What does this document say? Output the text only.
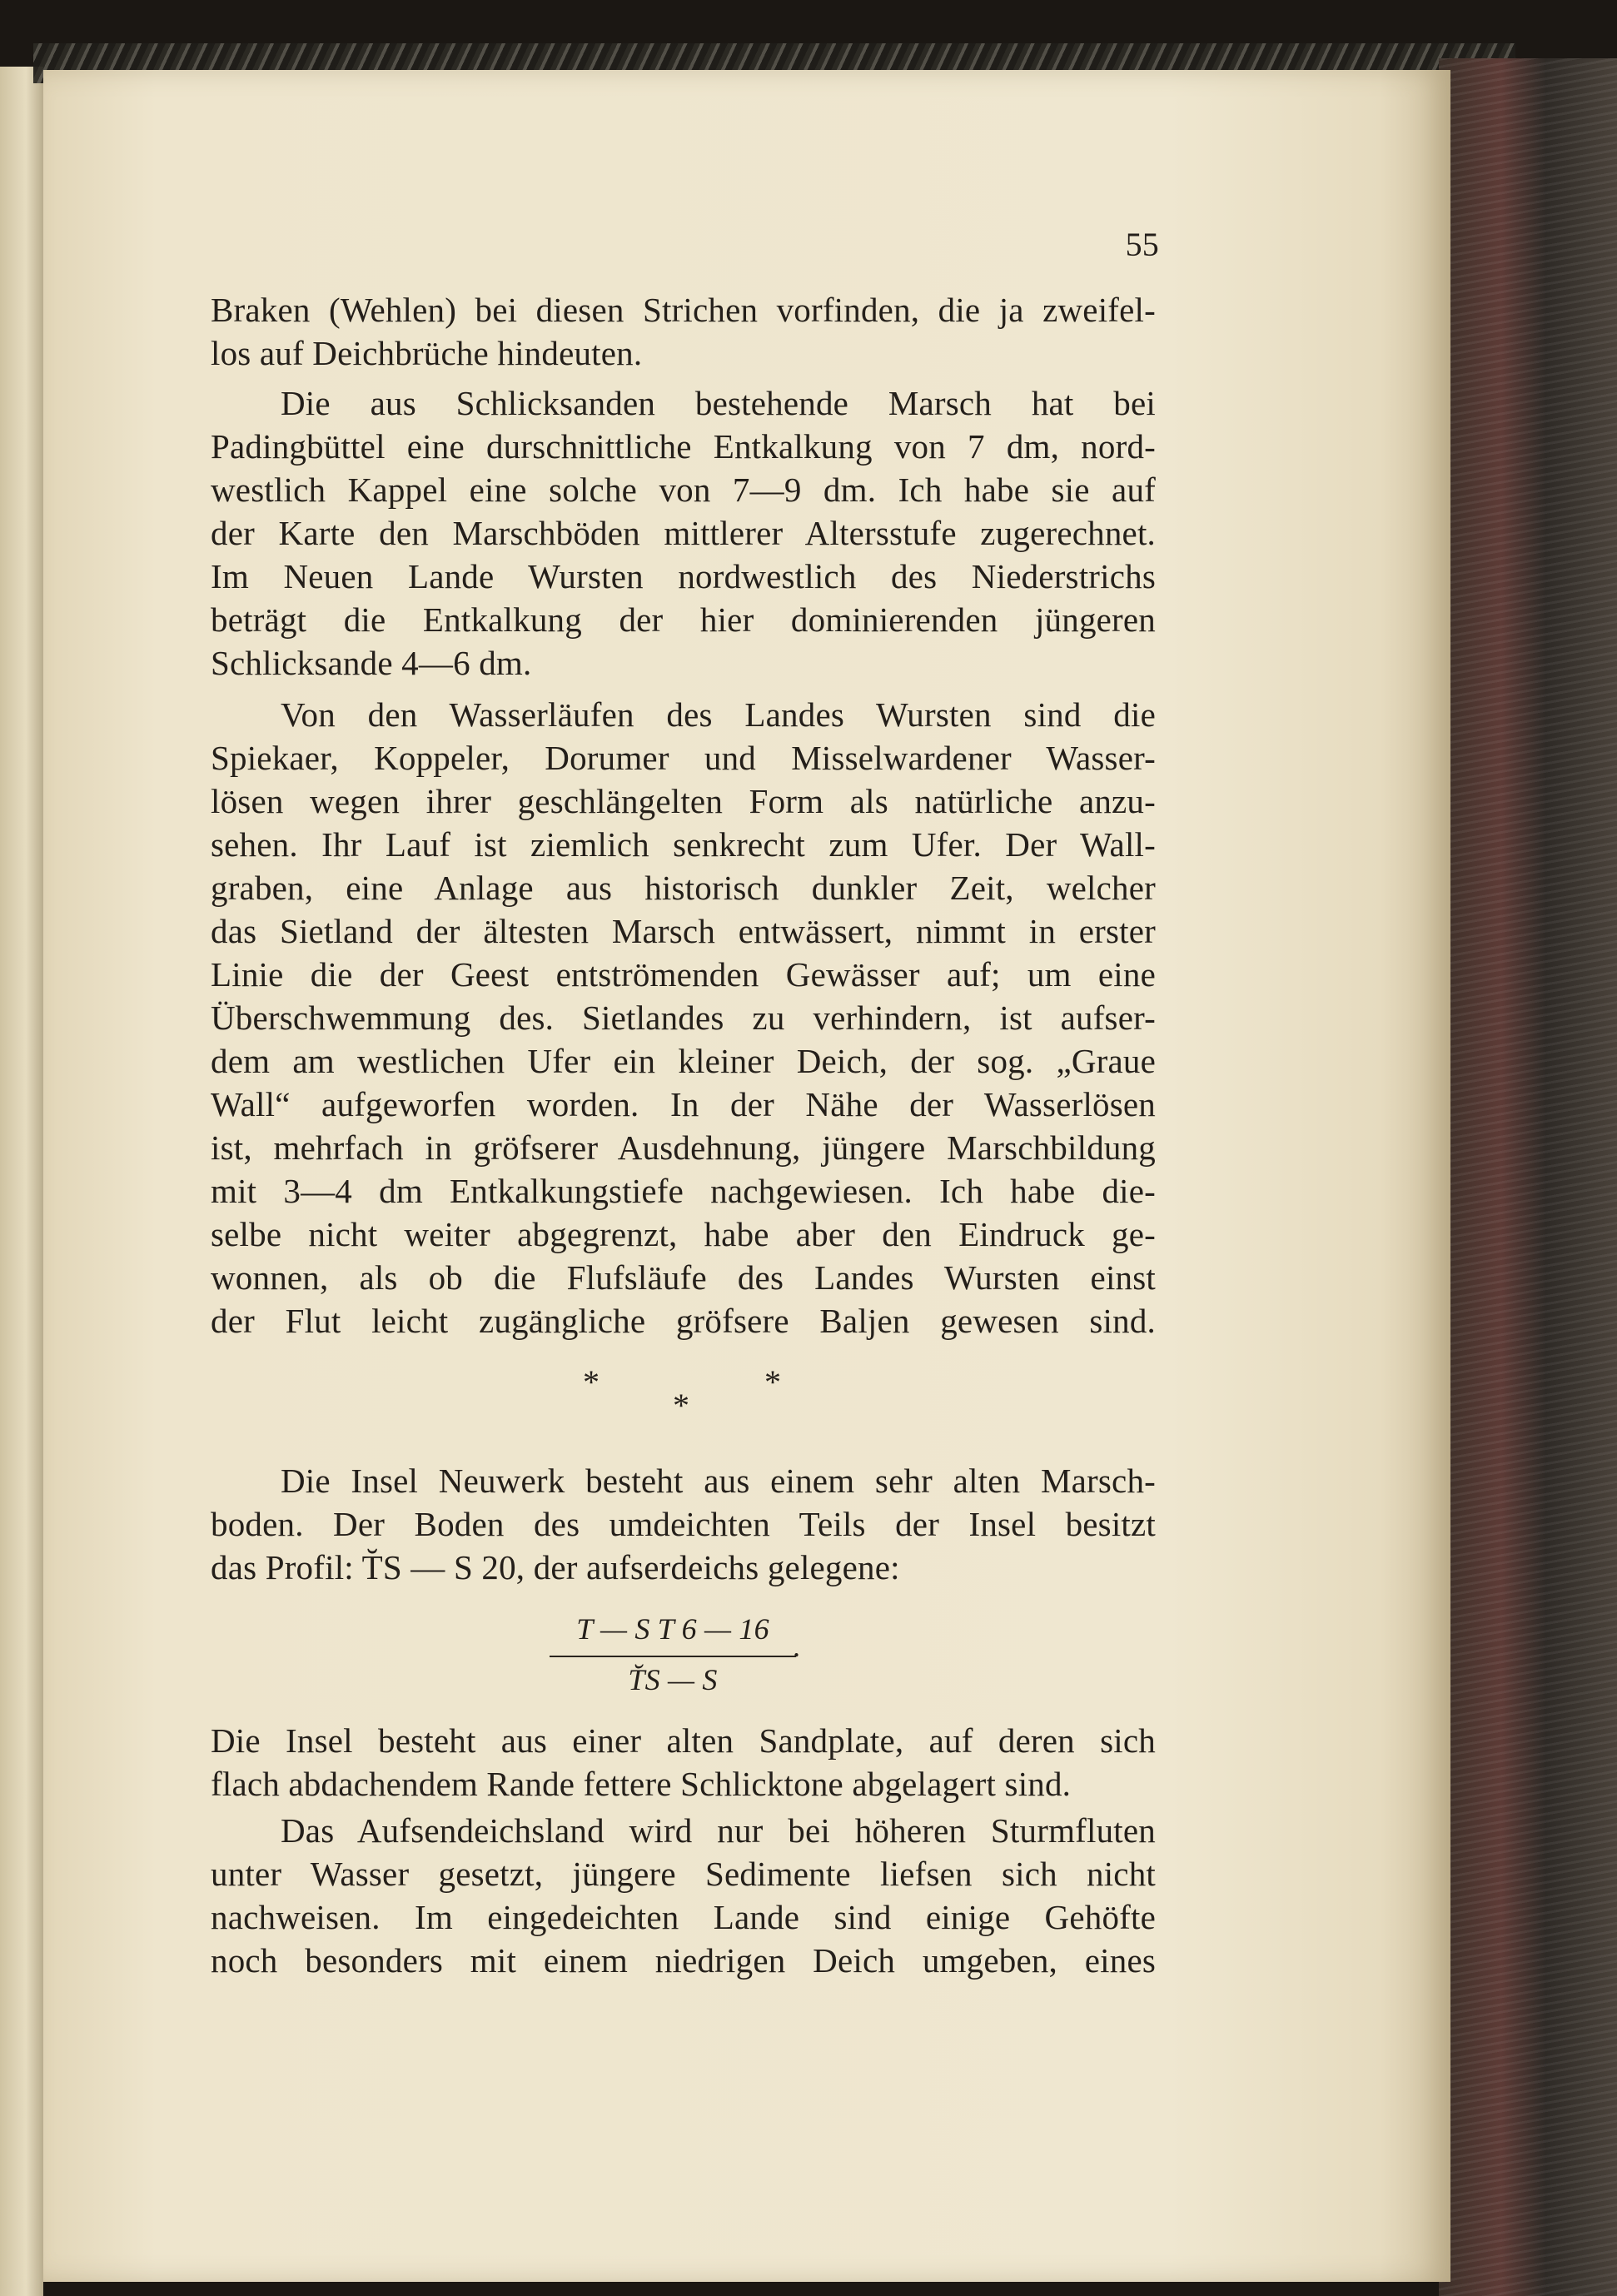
55
Braken (Wehlen) bei diesen Strichen vorfinden, die ja zweifel-
los auf Deichbrüche hindeuten.
Die aus Schlicksanden bestehende Marsch hat bei
Padingbüttel eine durschnittliche Entkalkung von 7 dm, nord-
westlich Kappel eine solche von 7—9 dm. Ich habe sie auf
der Karte den Marschböden mittlerer Altersstufe zugerechnet.
Im Neuen Lande Wursten nordwestlich des Niederstrichs
beträgt die Entkalkung der hier dominierenden jüngeren
Schlicksande 4—6 dm.
Von den Wasserläufen des Landes Wursten sind die
Spiekaer, Koppeler, Dorumer und Misselwardener Wasser-
lösen wegen ihrer geschlängelten Form als natürliche anzu-
sehen. Ihr Lauf ist ziemlich senkrecht zum Ufer. Der Wall-
graben, eine Anlage aus historisch dunkler Zeit, welcher
das Sietland der ältesten Marsch entwässert, nimmt in erster
Linie die der Geest entströmenden Gewässer auf; um eine
Überschwemmung des. Sietlandes zu verhindern, ist aufser-
dem am westlichen Ufer ein kleiner Deich, der sog. „Graue
Wall“ aufgeworfen worden. In der Nähe der Wasserlösen
ist, mehrfach in gröfserer Ausdehnung, jüngere Marschbildung
mit 3—4 dm Entkalkungstiefe nachgewiesen. Ich habe die-
selbe nicht weiter abgegrenzt, habe aber den Eindruck ge-
wonnen, als ob die Flufsläufe des Landes Wursten einst
der Flut leicht zugängliche gröfsere Baljen gewesen sind.
*
*
*
Die Insel Neuwerk besteht aus einem sehr alten Marsch-
boden. Der Boden des umdeichten Teils der Insel besitzt
das Profil: T̆S — S 20, der aufserdeichs gelegene:
T — S T 6 — 16
.
T̆S — S
Die Insel besteht aus einer alten Sandplate, auf deren sich
flach abdachendem Rande fettere Schlicktone abgelagert sind.
Das Aufsendeichsland wird nur bei höheren Sturmfluten
unter Wasser gesetzt, jüngere Sedimente liefsen sich nicht
nachweisen. Im eingedeichten Lande sind einige Gehöfte
noch besonders mit einem niedrigen Deich umgeben, eines
